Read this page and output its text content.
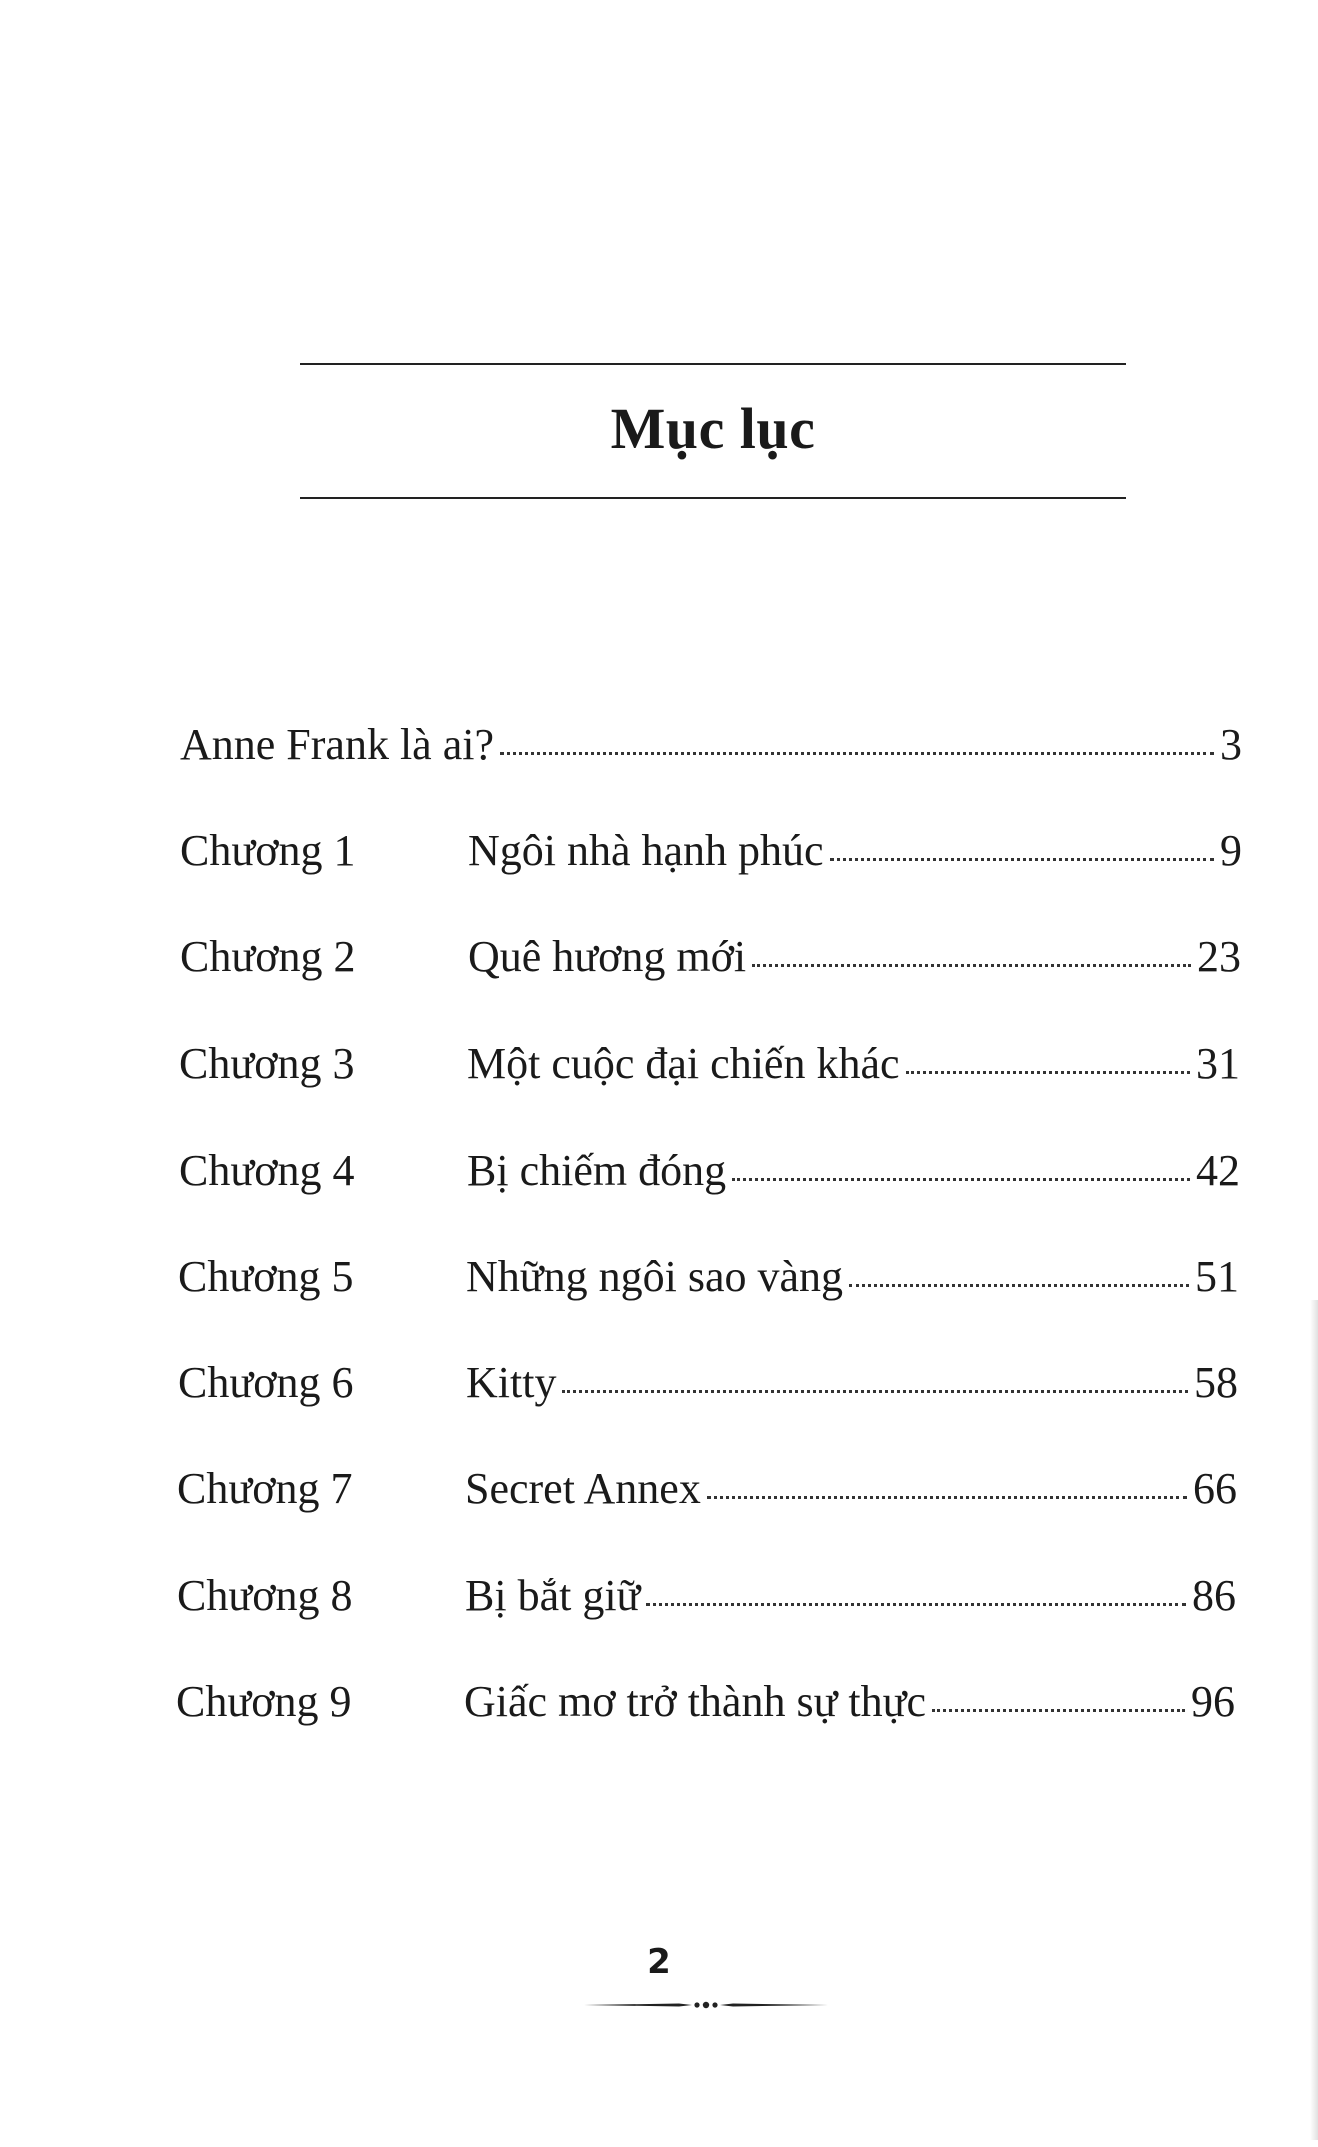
Mục lục
Anne Frank là ai?	3
Chương 1	Ngôi nhà hạnh phúc	9
Chương 2	Quê hương mới	23
Chương 3	Một cuộc đại chiến khác	31
Chương 4	Bị chiếm đóng	42
Chương 5	Những ngôi sao vàng	51
Chương 6	Kitty	58
Chương 7	Secret Annex	66
Chương 8	Bị bắt giữ	86
Chương 9	Giấc mơ trở thành sự thực	96
2
